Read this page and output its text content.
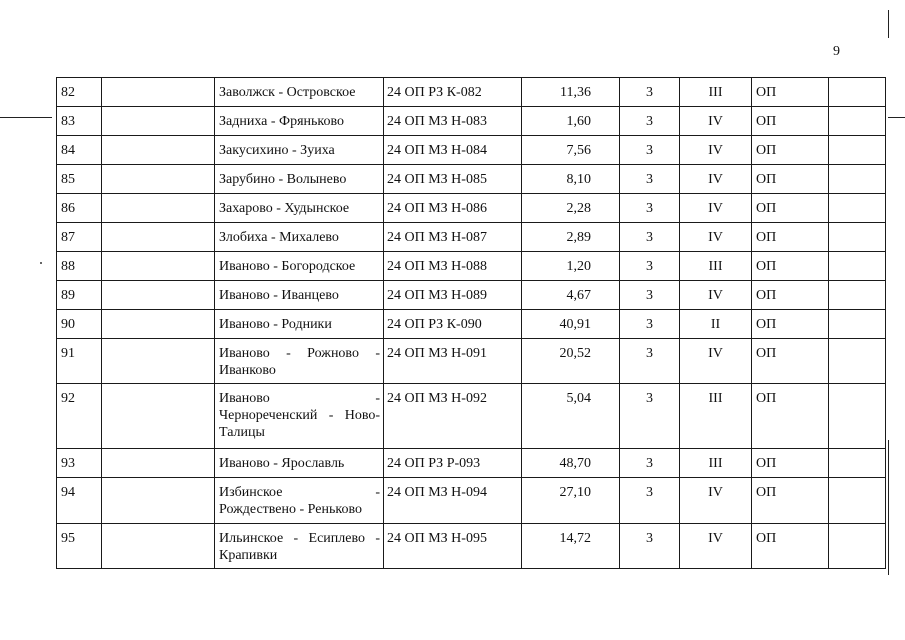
9
82		Заволжск - Островское	24 ОП РЗ К-082	11,36	3	III	ОП	
83		Задниха - Фряньково	24 ОП МЗ Н-083	1,60	3	IV	ОП	
84		Закусихино - Зуиха	24 ОП МЗ Н-084	7,56	3	IV	ОП	
85		Зарубино - Волынево	24 ОП МЗ Н-085	8,10	3	IV	ОП	
86		Захарово - Худынское	24 ОП МЗ Н-086	2,28	3	IV	ОП	
87		Злобиха - Михалево	24 ОП МЗ Н-087	2,89	3	IV	ОП	
88		Иваново - Богородское	24 ОП МЗ Н-088	1,20	3	III	ОП	
89		Иваново - Иванцево	24 ОП МЗ Н-089	4,67	3	IV	ОП	
90		Иваново - Родники	24 ОП РЗ К-090	40,91	3	II	ОП	
91		Иваново - Рожново -
Иванково	24 ОП МЗ Н-091	20,52	3	IV	ОП	
92		Иваново -
Чернореченский - Ново-
Талицы	24 ОП МЗ Н-092	5,04	3	III	ОП	
93		Иваново - Ярославль	24 ОП РЗ Р-093	48,70	3	III	ОП	
94		Избинское -
Рождествено - Реньково	24 ОП МЗ Н-094	27,10	3	IV	ОП	
95		Ильинское - Есиплево -
Крапивки	24 ОП МЗ Н-095	14,72	3	IV	ОП	
